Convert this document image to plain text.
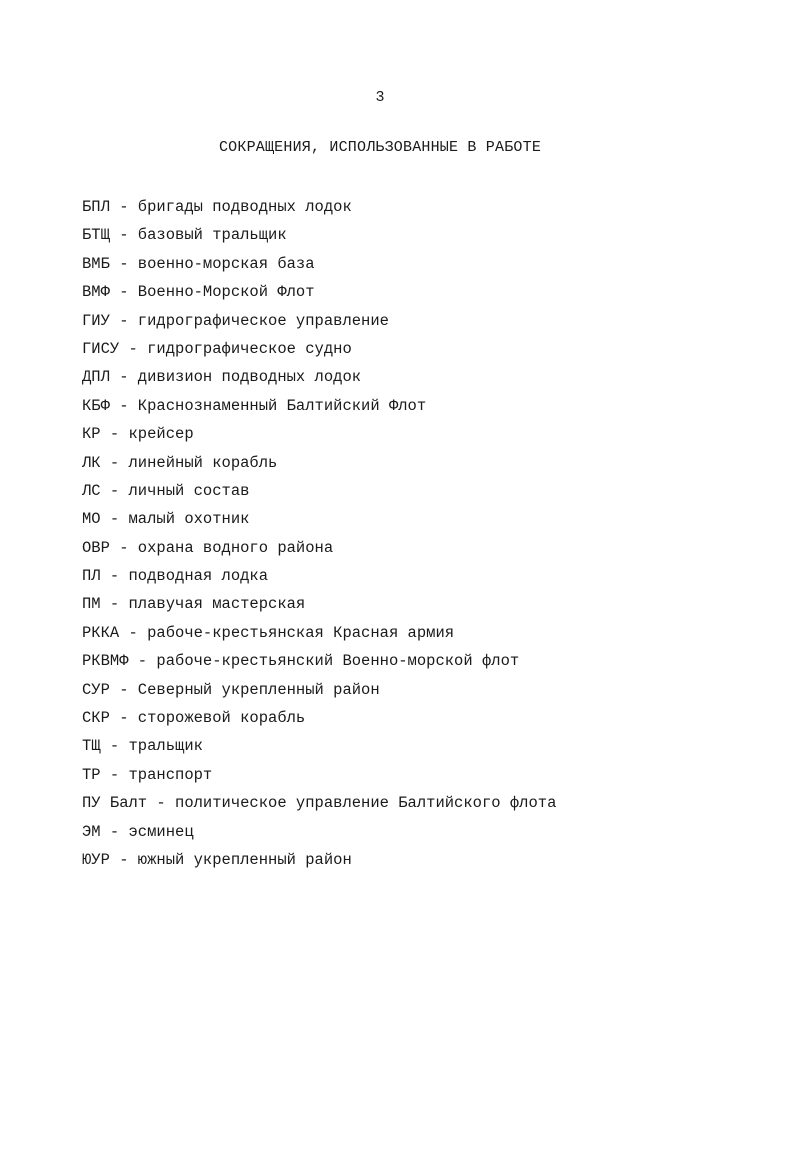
3
СОКРАЩЕНИЯ, ИСПОЛЬЗОВАННЫЕ В РАБОТЕ
БПЛ - бригады подводных лодок
БТЩ - базовый тральщик
ВМБ - военно-морская база
ВМФ - Военно-Морской Флот
ГИУ - гидрографическое управление
ГИСУ - гидрографическое судно
ДПЛ - дивизион подводных лодок
КБФ - Краснознаменный Балтийский Флот
КР - крейсер
ЛК - линейный корабль
ЛС - личный состав
МО - малый охотник
ОВР - охрана водного района
ПЛ - подводная лодка
ПМ - плавучая мастерская
РККА - рабоче-крестьянская Красная армия
РКВМФ - рабоче-крестьянский Военно-морской флот
СУР - Северный укрепленный район
СКР - сторожевой корабль
ТЩ - тральщик
ТР - транспорт
ПУ Балт - политическое управление Балтийского флота
ЭМ - эсминец
ЮУР - южный укрепленный район
